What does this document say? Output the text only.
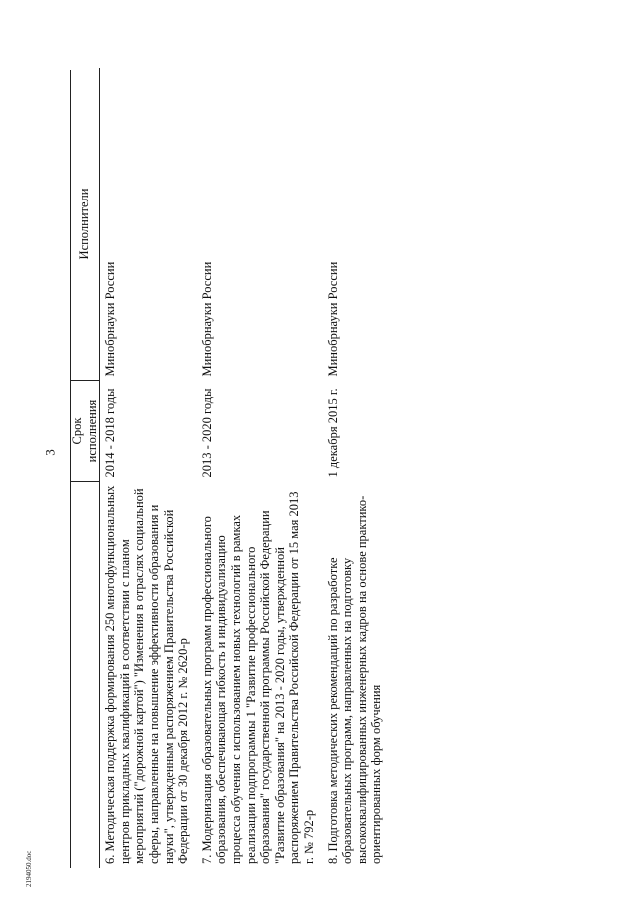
3
	Срок исполнения	Исполнители
6. Методическая поддержка формирования 250 многофункциональных центров прикладных квалификаций в соответствии с планом мероприятий ("дорожной картой") "Изменения в отраслях социальной сферы, направленные на повышение эффективности образования и науки", утвержденным распоряжением Правительства Российской Федерации от 30 декабря 2012 г. № 2620-р	2014 - 2018 годы	Минобрнауки России
7. Модернизация образовательных программ профессионального образования, обеспечивающая гибкость и индивидуализацию процесса обучения с использованием новых технологий в рамках реализации подпрограммы 1 "Развитие профессионального образования" государственной программы Российской Федерации "Развитие образования" на 2013 - 2020 годы, утвержденной распоряжением Правительства Российской Федерации от 15 мая 2013 г. № 792-р	2013 - 2020 годы	Минобрнауки России
8. Подготовка методических рекомендаций по разработке образовательных программ, направленных на подготовку высококвалифицированных инженерных кадров на основе практико-ориентированных форм обучения	1 декабря 2015 г.	Минобрнауки России
2194050.doc
